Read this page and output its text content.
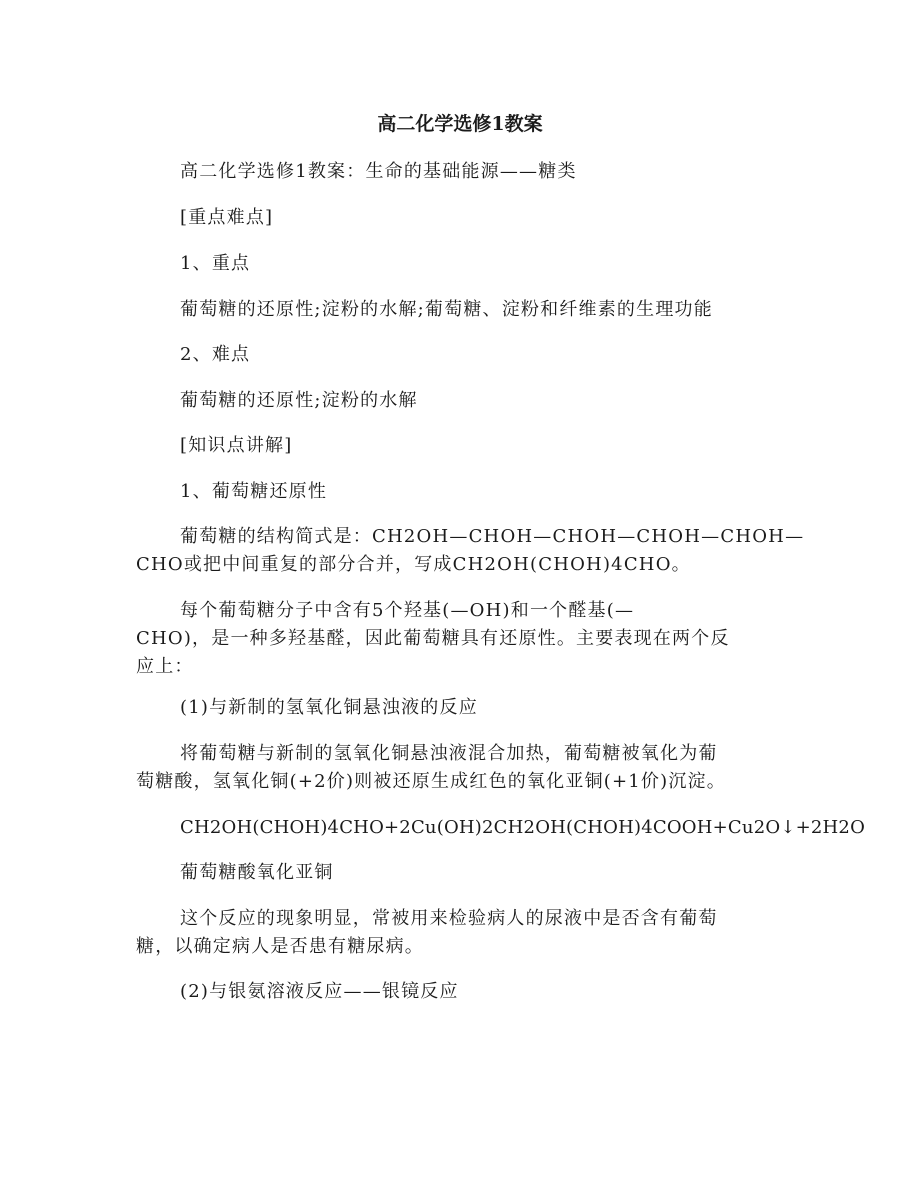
高二化学选修1教案
高二化学选修1教案：生命的基础能源——糖类
[重点难点]
1、重点
葡萄糖的还原性;淀粉的水解;葡萄糖、淀粉和纤维素的生理功能
2、难点
葡萄糖的还原性;淀粉的水解
[知识点讲解]
1、葡萄糖还原性
葡萄糖的结构简式是：CH2OH—CHOH—CHOH—CHOH—CHOH—
CHO或把中间重复的部分合并，写成CH2OH(CHOH)4CHO。
每个葡萄糖分子中含有5个羟基(—OH)和一个醛基(—
CHO)，是一种多羟基醛，因此葡萄糖具有还原性。主要表现在两个反
应上：
(1)与新制的氢氧化铜悬浊液的反应
将葡萄糖与新制的氢氧化铜悬浊液混合加热，葡萄糖被氧化为葡
萄糖酸，氢氧化铜(+2价)则被还原生成红色的氧化亚铜(+1价)沉淀。
CH2OH(CHOH)4CHO+2Cu(OH)2CH2OH(CHOH)4COOH+Cu2O↓+2H2O
葡萄糖酸氧化亚铜
这个反应的现象明显，常被用来检验病人的尿液中是否含有葡萄
糖，以确定病人是否患有糖尿病。
(2)与银氨溶液反应——银镜反应
